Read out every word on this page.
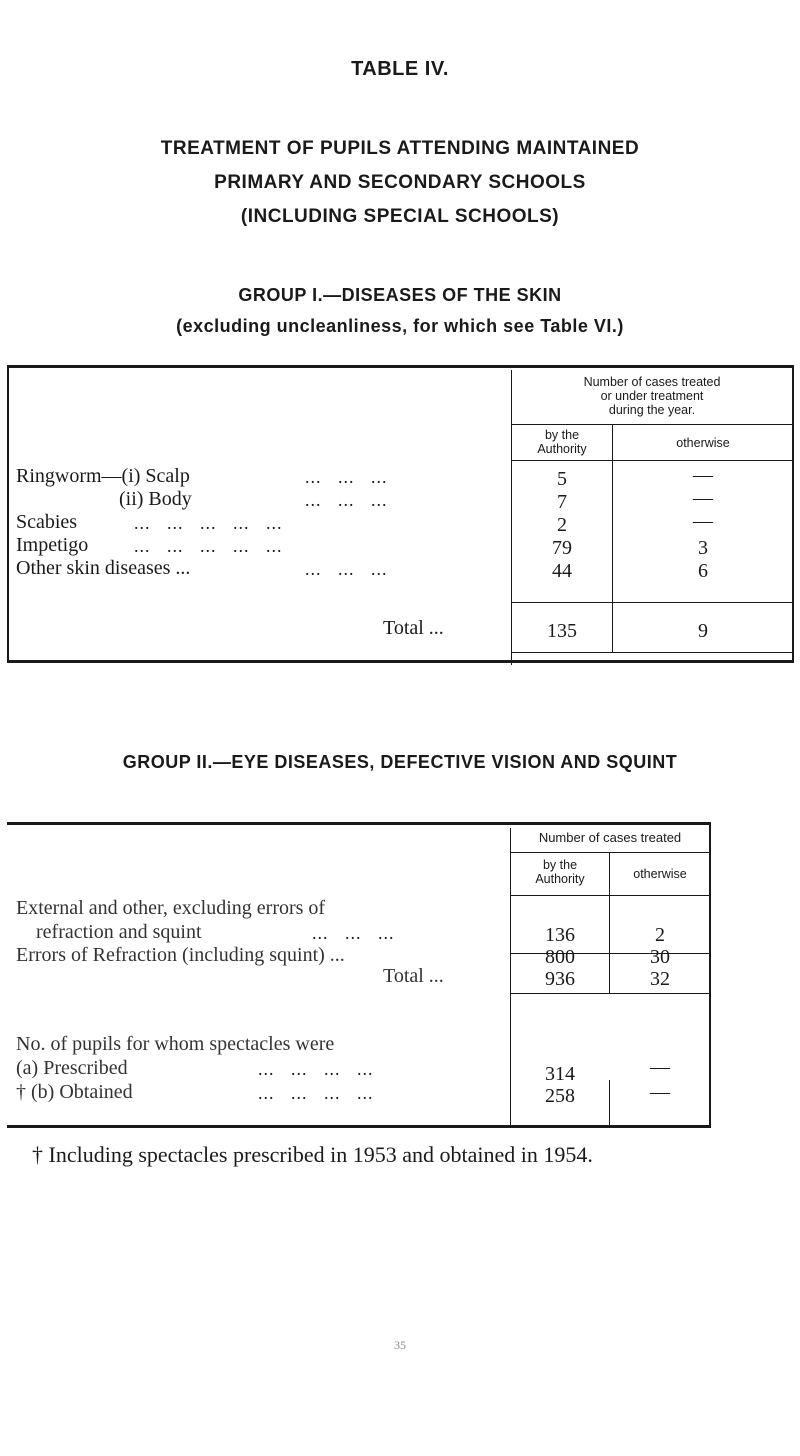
TABLE IV.
TREATMENT OF PUPILS ATTENDING MAINTAINED
PRIMARY AND SECONDARY SCHOOLS
(INCLUDING SPECIAL SCHOOLS)
GROUP I.—DISEASES OF THE SKIN
(excluding uncleanliness, for which see Table VI.)
Number of cases treated
or under treatment
during the year.
by the
Authority	otherwise
Ringworm—(i) Scalp	...   ...   ...	5	—
(ii) Body	...   ...   ...	7	—
Scabies	...   ...   ...   ...   ...	2	—
Impetigo	...   ...   ...   ...   ...	79	3
Other skin diseases ...	...   ...   ...	44	6
Total ...	135	9
GROUP II.—EYE DISEASES, DEFECTIVE VISION AND SQUINT
Number of cases treated
by the
Authority	otherwise
External and other, excluding errors of
refraction and squint	...   ...   ...	136	2
Errors of Refraction (including squint) ...	800	30
Total ...	936	32
No. of pupils for whom spectacles were
(a) Prescribed	...   ...   ...   ...	314	—
† (b) Obtained	...   ...   ...   ...	258	—
† Including spectacles prescribed in 1953 and obtained in 1954.
35
